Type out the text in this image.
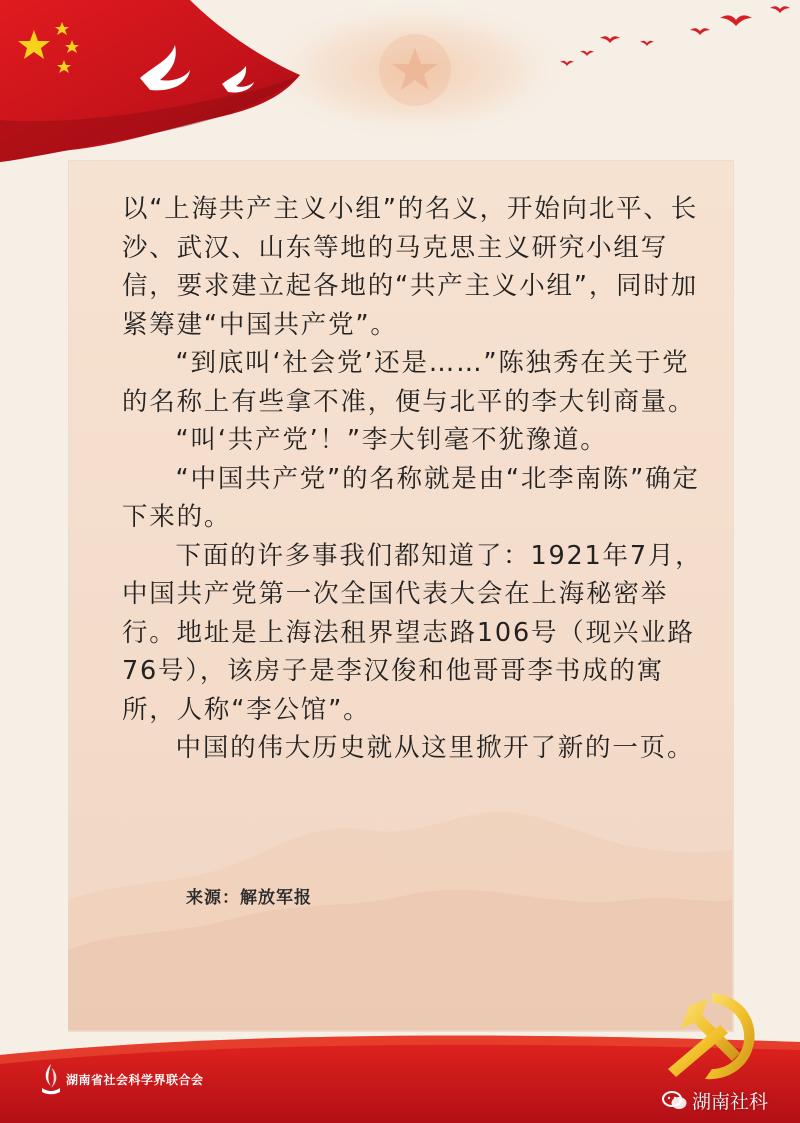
以“上海共产主义小组”的名义，开始向北平、长沙、武汉、山东等地的马克思主义研究小组写信，要求建立起各地的“共产主义小组”，同时加紧筹建“中国共产党”。

“到底叫‘社会党’还是……”陈独秀在关于党的名称上有些拿不准，便与北平的李大钊商量。

“叫‘共产党’！”李大钊毫不犹豫道。

“中国共产党”的名称就是由“北李南陈”确定下来的。

下面的许多事我们都知道了：1921年7月，中国共产党第一次全国代表大会在上海秘密举行。地址是上海法租界望志路106号（现兴业路76号），该房子是李汉俊和他哥哥李书成的寓所，人称“李公馆”。

中国的伟大历史就从这里掀开了新的一页。

来源：解放军报
湖南省社会科学界联合会
湖南社科
